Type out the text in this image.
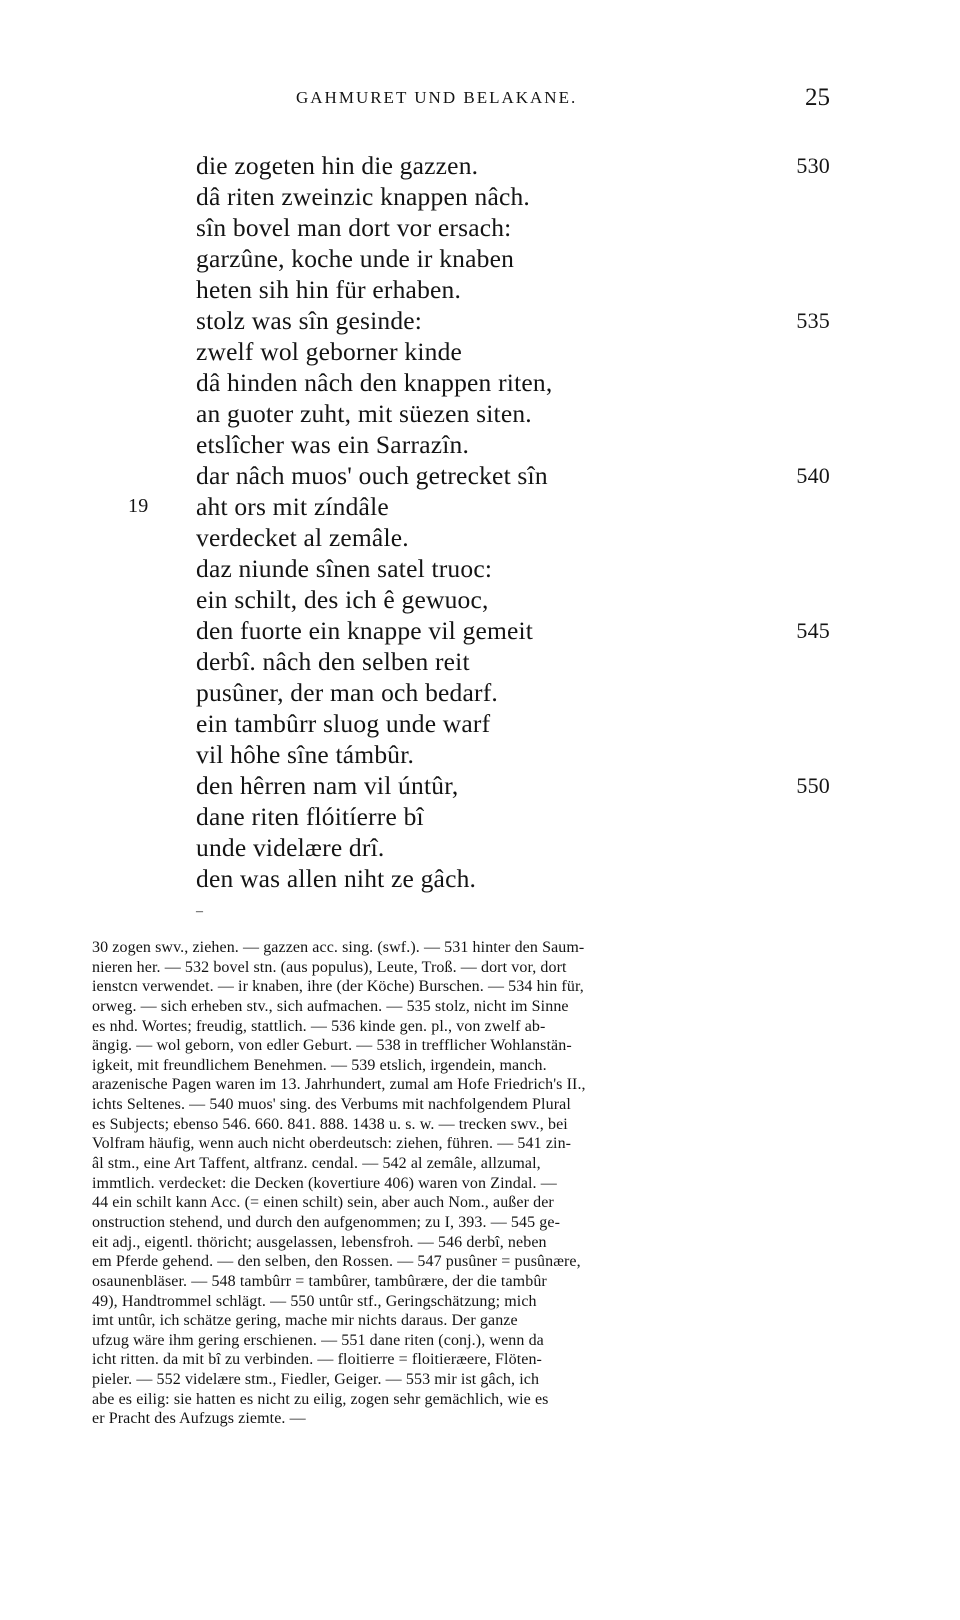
GAHMURET UND BELAKANE.	25
die zogeten hin die gazzen.	530
dâ riten zweinzic knappen nâch.
sîn bovel man dort vor ersach:
garzûne, koche unde ir knaben
heten sih hin für erhaben.
stolz was sîn gesinde:	535
zwelf wol geborner kinde
dâ hinden nâch den knappen riten,
an guoter zuht, mit süezen siten.
etslîcher was ein Sarrazîn.
dar nâch muos' ouch getrecket sîn	540
19 aht ors mit zíndâle
verdecket al zemâle.
daz niunde sînen satel truoc:
ein schilt, des ich ê gewuoc,
den fuorte ein knappe vil gemeit	545
derbî. nâch den selben reit
pusûner, der man och bedarf.
ein tambûrr sluog unde warf
vil hôhe sîne támbûr.
den hêrren nam vil úntûr,	550
dane riten flóitíerre bî
unde videlære drî.
den was allen niht ze gâch.
–
30 zogen swv., ziehen. — gazzen acc. sing. (swf.). — 531 hinter den Saum-
nieren her. — 532 bovel stn. (aus populus), Leute, Troß. — dort vor, dort
ienstcn verwendet. — ir knaben, ihre (der Köche) Burschen. — 534 hin für,
orweg. — sich erheben stv., sich aufmachen. — 535 stolz, nicht im Sinne
es nhd. Wortes; freudig, stattlich. — 536 kinde gen. pl., von zwelf ab-
ängig. — wol geborn, von edler Geburt. — 538 in trefflicher Wohlanstän-
igkeit, mit freundlichem Benehmen. — 539 etslich, irgendein, manch.
arazenische Pagen waren im 13. Jahrhundert, zumal am Hofe Friedrich's II.,
ichts Seltenes. — 540 muos' sing. des Verbums mit nachfolgendem Plural
es Subjects; ebenso 546. 660. 841. 888. 1438 u. s. w. — trecken swv., bei
Volfram häufig, wenn auch nicht oberdeutsch: ziehen, führen. — 541 zin-
âl stm., eine Art Taffent, altfranz. cendal. — 542 al zemâle, allzumal,
immtlich. verdecket: die Decken (kovertiure 406) waren von Zindal. —
44 ein schilt kann Acc. (= einen schilt) sein, aber auch Nom., außer der
onstruction stehend, und durch den aufgenommen; zu I, 393. — 545 ge-
eit adj., eigentl. thöricht; ausgelassen, lebensfroh. — 546 derbî, neben
em Pferde gehend. — den selben, den Rossen. — 547 pusûner = pusûnære,
osaunenbläser. — 548 tambûrr = tambûrer, tambûrære, der die tambûr
49), Handtrommel schlägt. — 550 untûr stf., Geringschätzung; mich
imt untûr, ich schätze gering, mache mir nichts daraus. Der ganze
ufzug wäre ihm gering erschienen. — 551 dane riten (conj.), wenn da
icht ritten. da mit bî zu verbinden. — floitierre = floitieræere, Flöten-
pieler. — 552 videlære stm., Fiedler, Geiger. — 553 mir ist gâch, ich
abe es eilig: sie hatten es nicht zu eilig, zogen sehr gemächlich, wie es
er Pracht des Aufzugs ziemte. —
